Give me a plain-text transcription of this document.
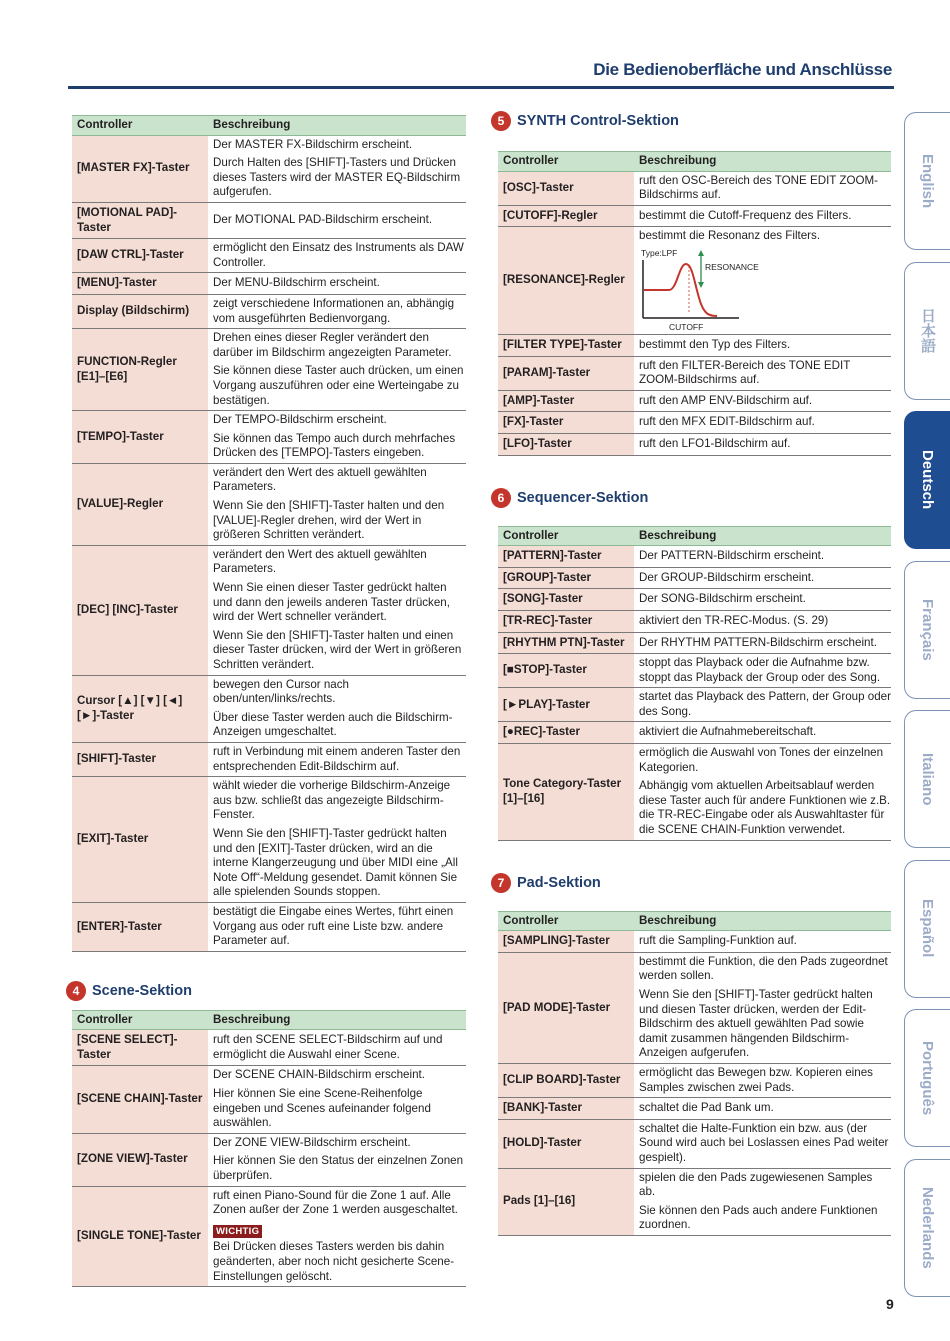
Die Bedienoberfläche und Anschlüsse
Controller	Beschreibung
[MASTER FX]-Taster	Der MASTER FX-Bildschirm erscheint.

Durch Halten des [SHIFT]-Tasters und Drücken dieses Tasters wird der MASTER EQ-Bildschirm aufgerufen.

[MOTIONAL PAD]-Taster	Der MOTIONAL PAD-Bildschirm erscheint.

[DAW CTRL]-Taster	ermöglicht den Einsatz des Instruments als DAW Controller.

[MENU]-Taster	Der MENU-Bildschirm erscheint.

Display (Bildschirm)	zeigt verschiedene Informationen an, abhängig vom ausgeführten Bedienvorgang.

FUNCTION-Regler [E1]–[E6]	Drehen eines dieser Regler verändert den darüber im Bildschirm angezeigten Parameter.

Sie können diese Taster auch drücken, um einen Vorgang auszuführen oder eine Werteingabe zu bestätigen.

[TEMPO]-Taster	Der TEMPO-Bildschirm erscheint.

Sie können das Tempo auch durch mehrfaches Drücken des [TEMPO]-Tasters eingeben.

[VALUE]-Regler	verändert den Wert des aktuell gewählten Parameters.

Wenn Sie den [SHIFT]-Taster halten und den [VALUE]-Regler drehen, wird der Wert in größeren Schritten verändert.

[DEC] [INC]-Taster	verändert den Wert des aktuell gewählten Parameters.

Wenn Sie einen dieser Taster gedrückt halten und dann den jeweils anderen Taster drücken, wird der Wert schneller verändert.

Wenn Sie den [SHIFT]-Taster halten und einen dieser Taster drücken, wird der Wert in größeren Schritten verändert.

Cursor [▲] [▼] [◄] [►]-Taster	bewegen den Cursor nach oben/unten/links/rechts.

Über diese Taster werden auch die Bildschirm-Anzeigen umgeschaltet.

[SHIFT]-Taster	ruft in Verbindung mit einem anderen Taster den entsprechenden Edit-Bildschirm auf.

[EXIT]-Taster	wählt wieder die vorherige Bildschirm-Anzeige aus bzw. schließt das angezeigte Bildschirm-Fenster.

Wenn Sie den [SHIFT]-Taster gedrückt halten und den [EXIT]-Taster drücken, wird an die interne Klangerzeugung und über MIDI eine „All Note Off“-Meldung gesendet. Damit können Sie alle spielenden Sounds stoppen.

[ENTER]-Taster	bestätigt die Eingabe eines Wertes, führt einen Vorgang aus oder ruft eine Liste bzw. andere Parameter auf.

4 Scene-Sektion
Controller	Beschreibung
[SCENE SELECT]-Taster	ruft den SCENE SELECT-Bildschirm auf und ermöglicht die Auswahl einer Scene.

[SCENE CHAIN]-Taster	Der SCENE CHAIN-Bildschirm erscheint.

Hier können Sie eine Scene-Reihenfolge eingeben und Scenes aufeinander folgend auswählen.

[ZONE VIEW]-Taster	Der ZONE VIEW-Bildschirm erscheint.

Hier können Sie den Status der einzelnen Zonen überprüfen.

[SINGLE TONE]-Taster	ruft einen Piano-Sound für die Zone 1 auf. Alle Zonen außer der Zone 1 werden ausgeschaltet.

WICHTIG

Bei Drücken dieses Tasters werden bis dahin geänderten, aber noch nicht gesicherte Scene-Einstellungen gelöscht.

5 SYNTH Control-Sektion
Controller	Beschreibung
[OSC]-Taster	ruft den OSC-Bereich des TONE EDIT ZOOM-Bildschirms auf.

[CUTOFF]-Regler	bestimmt die Cutoff-Frequenz des Filters.

[RESONANCE]-Regler	bestimmt die Resonanz des Filters.

Type:LPF
RESONANCE
CUTOFF

[FILTER TYPE]-Taster	bestimmt den Typ des Filters.

[PARAM]-Taster	ruft den FILTER-Bereich des TONE EDIT ZOOM-Bildschirms auf.

[AMP]-Taster	ruft den AMP ENV-Bildschirm auf.

[FX]-Taster	ruft den MFX EDIT-Bildschirm auf.

[LFO]-Taster	ruft den LFO1-Bildschirm auf.

6 Sequencer-Sektion
Controller	Beschreibung
[PATTERN]-Taster	Der PATTERN-Bildschirm erscheint.

[GROUP]-Taster	Der GROUP-Bildschirm erscheint.

[SONG]-Taster	Der SONG-Bildschirm erscheint.

[TR-REC]-Taster	aktiviert den TR-REC-Modus. (S. 29)

[RHYTHM PTN]-Taster	Der RHYTHM PATTERN-Bildschirm erscheint.

[■STOP]-Taster	stoppt das Playback oder die Aufnahme bzw. stoppt das Playback der Group oder des Song.

[►PLAY]-Taster	startet das Playback des Pattern, der Group oder des Song.

[●REC]-Taster	aktiviert die Aufnahmebereitschaft.

Tone Category-Taster [1]–[16]	ermöglich die Auswahl von Tones der einzelnen Kategorien.

Abhängig vom aktuellen Arbeitsablauf werden diese Taster auch für andere Funktionen wie z.B. die TR-REC-Eingabe oder als Auswahltaster für die SCENE CHAIN-Funktion verwendet.

7 Pad-Sektion
Controller	Beschreibung
[SAMPLING]-Taster	ruft die Sampling-Funktion auf.

[PAD MODE]-Taster	bestimmt die Funktion, die den Pads zugeordnet werden sollen.

Wenn Sie den [SHIFT]-Taster gedrückt halten und diesen Taster drücken, werden der Edit-Bildschirm des aktuell gewählten Pad sowie damit zusammen hängenden Bildschirm-Anzeigen aufgerufen.

[CLIP BOARD]-Taster	ermöglicht das Bewegen bzw. Kopieren eines Samples zwischen zwei Pads.

[BANK]-Taster	schaltet die Pad Bank um.

[HOLD]-Taster	schaltet die Halte-Funktion ein bzw. aus (der Sound wird auch bei Loslassen eines Pad weiter gespielt).

Pads [1]–[16]	spielen die den Pads zugewiesenen Samples ab.

Sie können den Pads auch andere Funktionen zuordnen.

English
日本語
Deutsch
Français
Italiano
Español
Português
Nederlands
9
